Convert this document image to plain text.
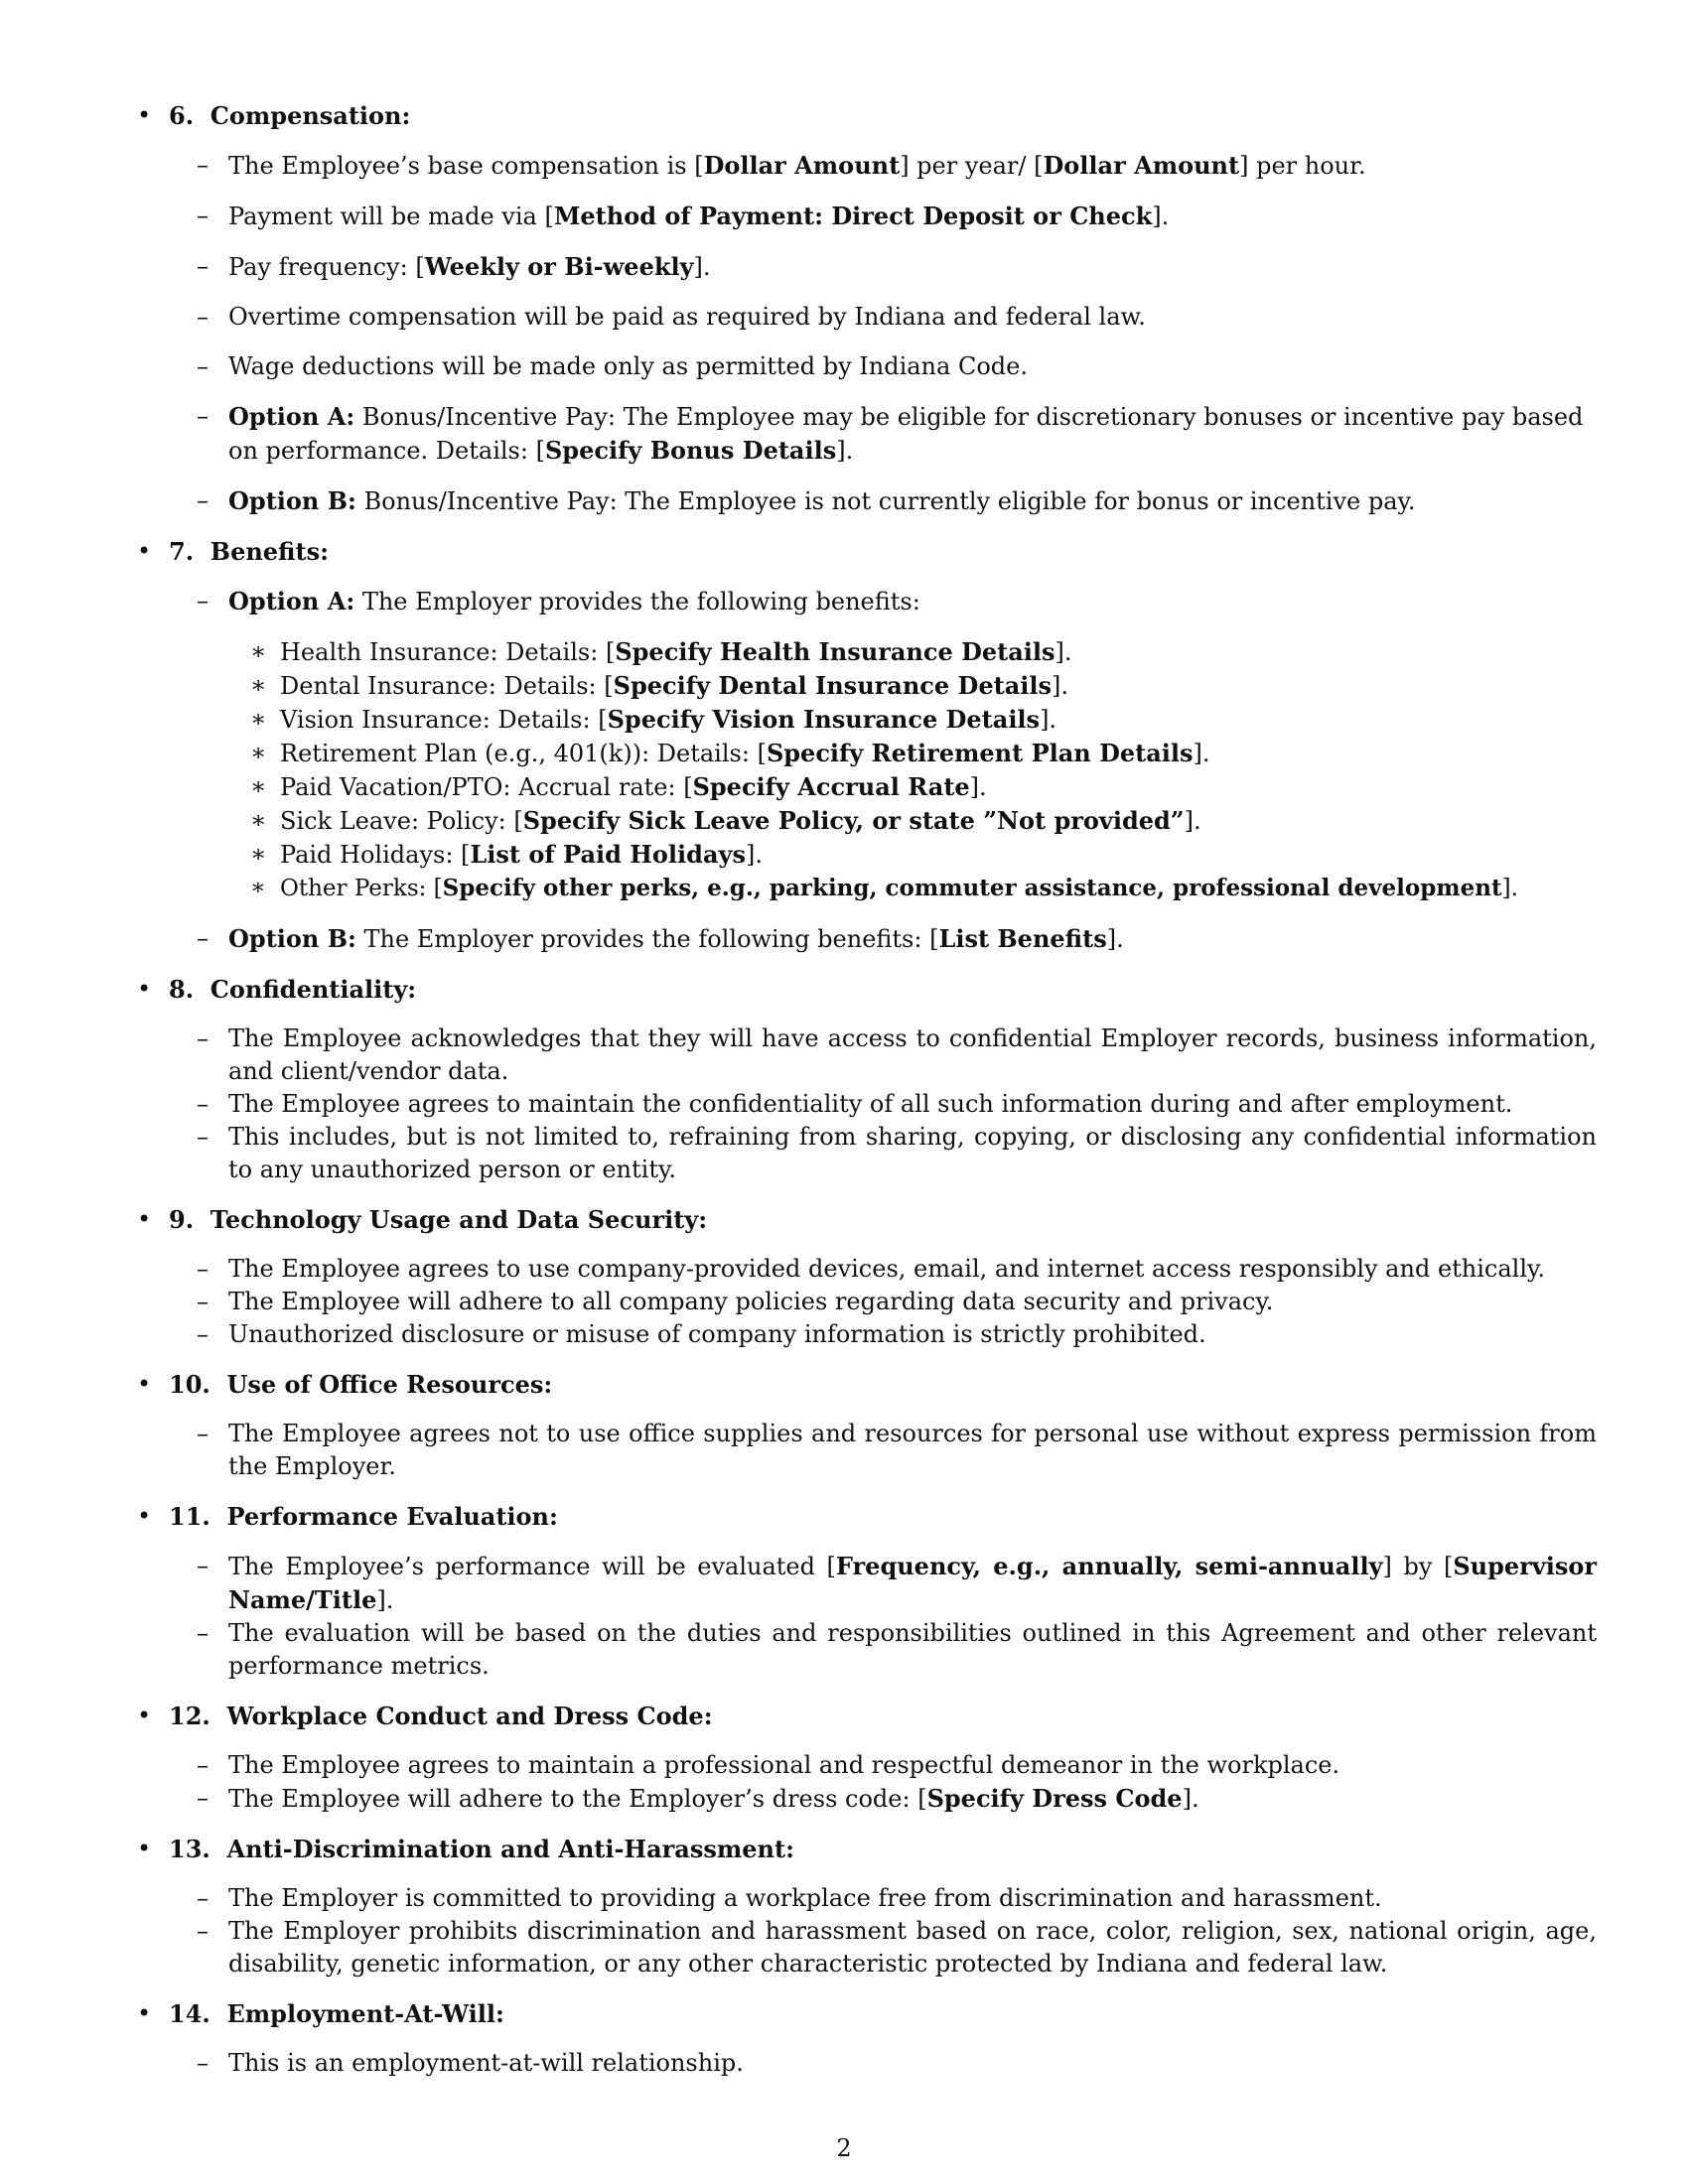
• 6. Compensation:
– The Employee’s base compensation is [Dollar Amount] per year/ [Dollar Amount] per hour.
– Payment will be made via [Method of Payment: Direct Deposit or Check].
– Pay frequency: [Weekly or Bi-weekly].
– Overtime compensation will be paid as required by Indiana and federal law.
– Wage deductions will be made only as permitted by Indiana Code.
– Option A: Bonus/Incentive Pay: The Employee may be eligible for discretionary bonuses or incentive pay based on performance. Details: [Specify Bonus Details].
– Option B: Bonus/Incentive Pay: The Employee is not currently eligible for bonus or incentive pay.
• 7. Benefits:
– Option A: The Employer provides the following benefits:
∗ Health Insurance: Details: [Specify Health Insurance Details].
∗ Dental Insurance: Details: [Specify Dental Insurance Details].
∗ Vision Insurance: Details: [Specify Vision Insurance Details].
∗ Retirement Plan (e.g., 401(k)): Details: [Specify Retirement Plan Details].
∗ Paid Vacation/PTO: Accrual rate: [Specify Accrual Rate].
∗ Sick Leave: Policy: [Specify Sick Leave Policy, or state ”Not provided”].
∗ Paid Holidays: [List of Paid Holidays].
∗ Other Perks: [Specify other perks, e.g., parking, commuter assistance, professional development].
– Option B: The Employer provides the following benefits: [List Benefits].
• 8. Confidentiality:
– The Employee acknowledges that they will have access to confidential Employer records, business information, and client/vendor data.
– The Employee agrees to maintain the confidentiality of all such information during and after employment.
– This includes, but is not limited to, refraining from sharing, copying, or disclosing any confidential information to any unauthorized person or entity.
• 9. Technology Usage and Data Security:
– The Employee agrees to use company-provided devices, email, and internet access responsibly and ethically.
– The Employee will adhere to all company policies regarding data security and privacy.
– Unauthorized disclosure or misuse of company information is strictly prohibited.
• 10. Use of Office Resources:
– The Employee agrees not to use office supplies and resources for personal use without express permission from the Employer.
• 11. Performance Evaluation:
– The Employee’s performance will be evaluated [Frequency, e.g., annually, semi-annually] by [Supervisor Name/Title].
– The evaluation will be based on the duties and responsibilities outlined in this Agreement and other relevant performance metrics.
• 12. Workplace Conduct and Dress Code:
– The Employee agrees to maintain a professional and respectful demeanor in the workplace.
– The Employee will adhere to the Employer’s dress code: [Specify Dress Code].
• 13. Anti-Discrimination and Anti-Harassment:
– The Employer is committed to providing a workplace free from discrimination and harassment.
– The Employer prohibits discrimination and harassment based on race, color, religion, sex, national origin, age, disability, genetic information, or any other characteristic protected by Indiana and federal law.
• 14. Employment-At-Will:
– This is an employment-at-will relationship.
2
